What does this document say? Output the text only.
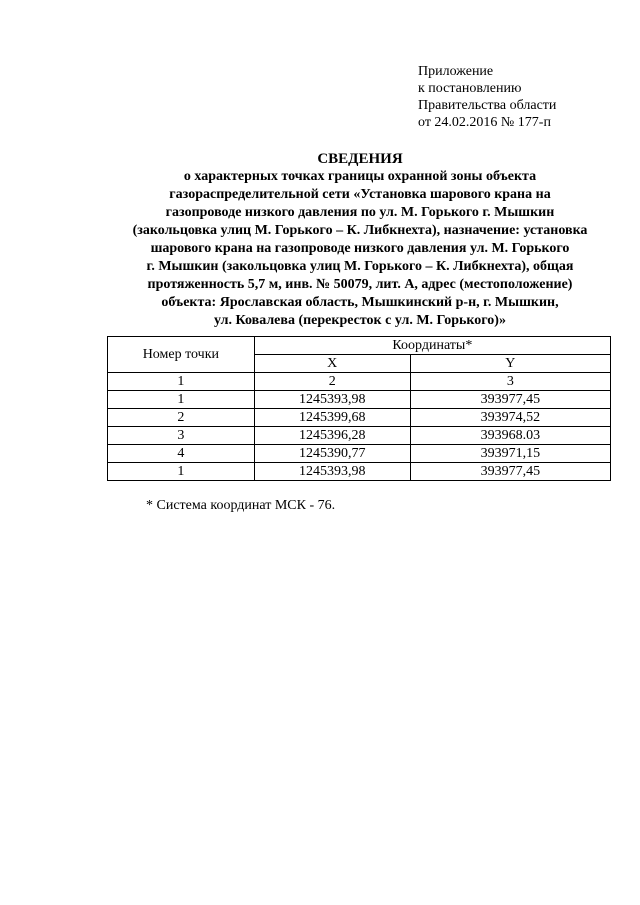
Приложение
к постановлению
Правительства области
от 24.02.2016 № 177-п
СВЕДЕНИЯ
о характерных точках границы охранной зоны объекта
газораспределительной сети «Установка шарового крана на
газопроводе низкого давления по ул. М. Горького г. Мышкин
(закольцовка улиц М. Горького – К. Либкнехта), назначение: установка
шарового крана на газопроводе низкого давления ул. М. Горького
г. Мышкин (закольцовка улиц М. Горького – К. Либкнехта), общая
протяженность 5,7 м, инв. № 50079, лит. А, адрес (местоположение)
объекта: Ярославская область, Мышкинский р-н, г. Мышкин,
ул. Ковалева (перекресток с ул. М. Горького)»
Номер точки	Координаты*	
	X	Y
1	2	3
1	1245393,98	393977,45
2	1245399,68	393974,52
3	1245396,28	393968.03
4	1245390,77	393971,15
1	1245393,98	393977,45
* Система координат МСК - 76.
